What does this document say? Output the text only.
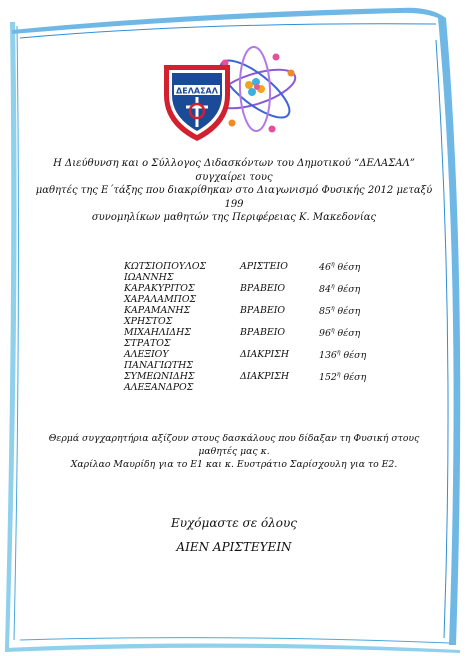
ΔΕΛΑΣΑΛ
Η Διεύθυνση και ο Σύλλογος Διδασκόντων του Δημοτικού “ΔΕΛΑΣΑΛ” συγχαίρει τους
μαθητές της Ε΄τάξης που διακρίθηκαν στο Διαγωνισμό Φυσικής 2012 μεταξύ 199
συνομηλίκων μαθητών της Περιφέρειας Κ. Μακεδονίας
ΚΩΤΣΙΟΠΟΥΛΟΣ ΙΩΑΝΝΗΣ	ΑΡΙΣΤΕΙΟ	$46^\eta$ θέση
ΚΑΡΑΚΥΡΙΤΟΣ ΧΑΡΑΛΑΜΠΟΣ	ΒΡΑΒΕΙΟ	$84^\eta$ θέση
ΚΑΡΑΜΑΝΗΣ ΧΡΗΣΤΟΣ	ΒΡΑΒΕΙΟ	$85^\eta$ θέση
ΜΙΧΑΗΛΙΔΗΣ ΣΤΡΑΤΟΣ	ΒΡΑΒΕΙΟ	$96^\eta$ θέση
ΑΛΕΞΙΟΥ ΠΑΝΑΓΙΩΤΗΣ	ΔΙΑΚΡΙΣΗ	$136^\eta$ θέση
ΣΥΜΕΩΝΙΔΗΣ ΑΛΕΞΑΝΔΡΟΣ	ΔΙΑΚΡΙΣΗ	$152^\eta$ θέση
Θερμά συγχαρητήρια αξίζουν στους δασκάλους που δίδαξαν τη Φυσική στους μαθητές μας κ.
Χαρίλαο Μαυρίδη για το Ε1 και κ. Ευστράτιο Σαρίσχουλη για το Ε2.
Ευχόμαστε σε όλους
ΑΙΕΝ ΑΡΙΣΤΕΥΕΙΝ
